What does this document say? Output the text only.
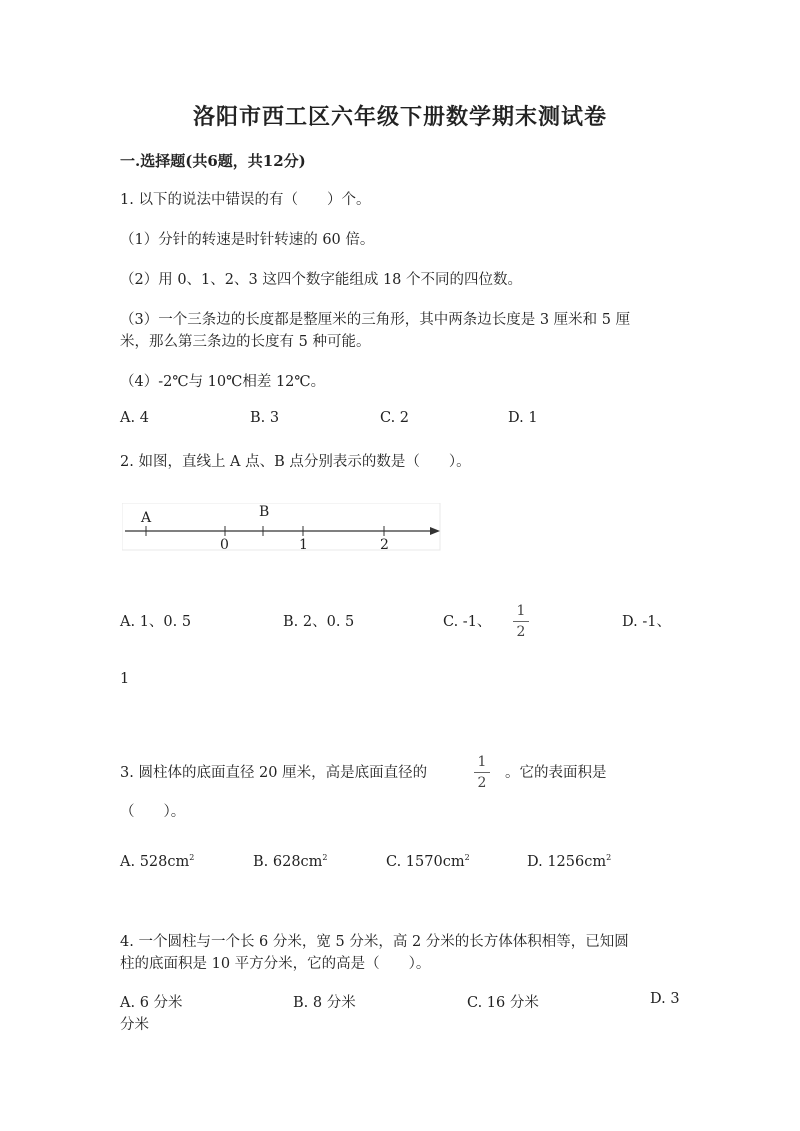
洛阳市西工区六年级下册数学期末测试卷
一.选择题(共6题，共12分)
1. 以下的说法中错误的有（　　）个。
（1）分针的转速是时针转速的 60 倍。
（2）用 0、1、2、3 这四个数字能组成 18 个不同的四位数。
（3）一个三条边的长度都是整厘米的三角形，其中两条边长度是 3 厘米和 5 厘
米，那么第三条边的长度有 5 种可能。
（4）-2℃与 10℃相差 12℃。
A. 4	B. 3	C. 2	D. 1
2. 如图，直线上 A 点、B 点分别表示的数是（　　）。
A	B
0	1	2
A. 1、0. 5	B. 2、0. 5	C. -1、
1
2
D. -1、
1
3. 圆柱体的底面直径 20 厘米，高是底面直径的
1
2
。它的表面积是
（　　）。
A. $528cm^2$	B. $628cm^2$	C. $1570cm^2$	D. $1256cm^2$
4. 一个圆柱与一个长 6 分米，宽 5 分米，高 2 分米的长方体体积相等，已知圆
柱的底面积是 10 平方分米，它的高是（　　）。
A. 6 分米	B. 8 分米	C. 16 分米	D. 3
分米
